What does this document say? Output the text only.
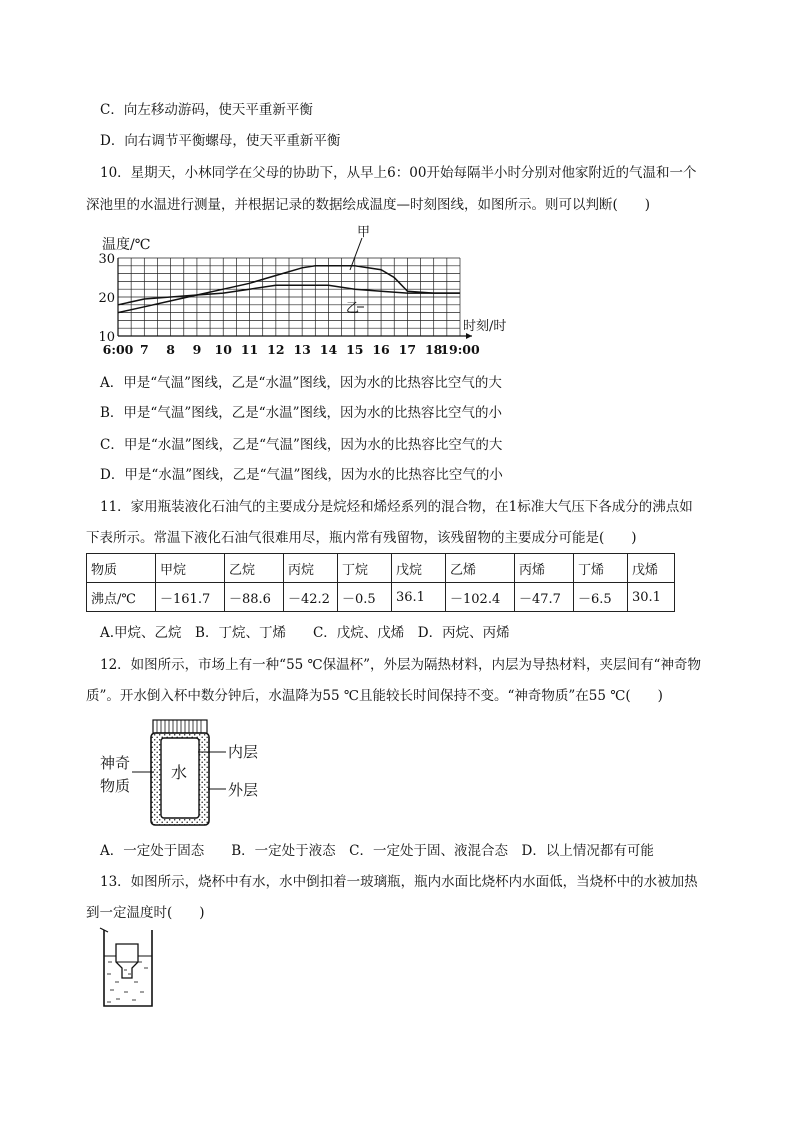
C．向左移动游码，使天平重新平衡
D．向右调节平衡螺母，使天平重新平衡
10．星期天，小林同学在父母的协助下，从早上6：00开始每隔半小时分别对他家附近的气温和一个
深池里的水温进行测量，并根据记录的数据绘成温度—时刻图线，如图所示。则可以判断(　　)
10
20
30
6:00 7 8 9 10 11 12 13 14 15 16 17 18
19:00
温度/℃
时刻/时
甲
乙
A．甲是“气温”图线，乙是“水温”图线，因为水的比热容比空气的大
B．甲是“气温”图线，乙是“水温”图线，因为水的比热容比空气的小
C．甲是“水温”图线，乙是“气温”图线，因为水的比热容比空气的大
D．甲是“水温”图线，乙是“气温”图线，因为水的比热容比空气的小
11．家用瓶装液化石油气的主要成分是烷烃和烯烃系列的混合物，在1标准大气压下各成分的沸点如
下表所示。常温下液化石油气很难用尽，瓶内常有残留物，该残留物的主要成分可能是(　　)
物质	甲烷	乙烷	丙烷	丁烷	戊烷	乙烯	丙烯	丁烯	戊烯
沸点/℃	－161.7	－88.6	－42.2	－0.5	36.1	－102.4	－47.7	－6.5	30.1
A.甲烷、乙烷　B．丁烷、丁烯　　C．戊烷、戊烯　D．丙烷、丙烯
12．如图所示，市场上有一种“55 ℃保温杯”，外层为隔热材料，内层为导热材料，夹层间有“神奇物
质”。开水倒入杯中数分钟后，水温降为55 ℃且能较长时间保持不变。“神奇物质”在55 ℃(　　)
水
神奇
物质
内层
外层
A．一定处于固态　　B．一定处于液态　C．一定处于固、液混合态　D．以上情况都有可能
13．如图所示，烧杯中有水，水中倒扣着一玻璃瓶，瓶内水面比烧杯内水面低，当烧杯中的水被加热
到一定温度时(　　)
